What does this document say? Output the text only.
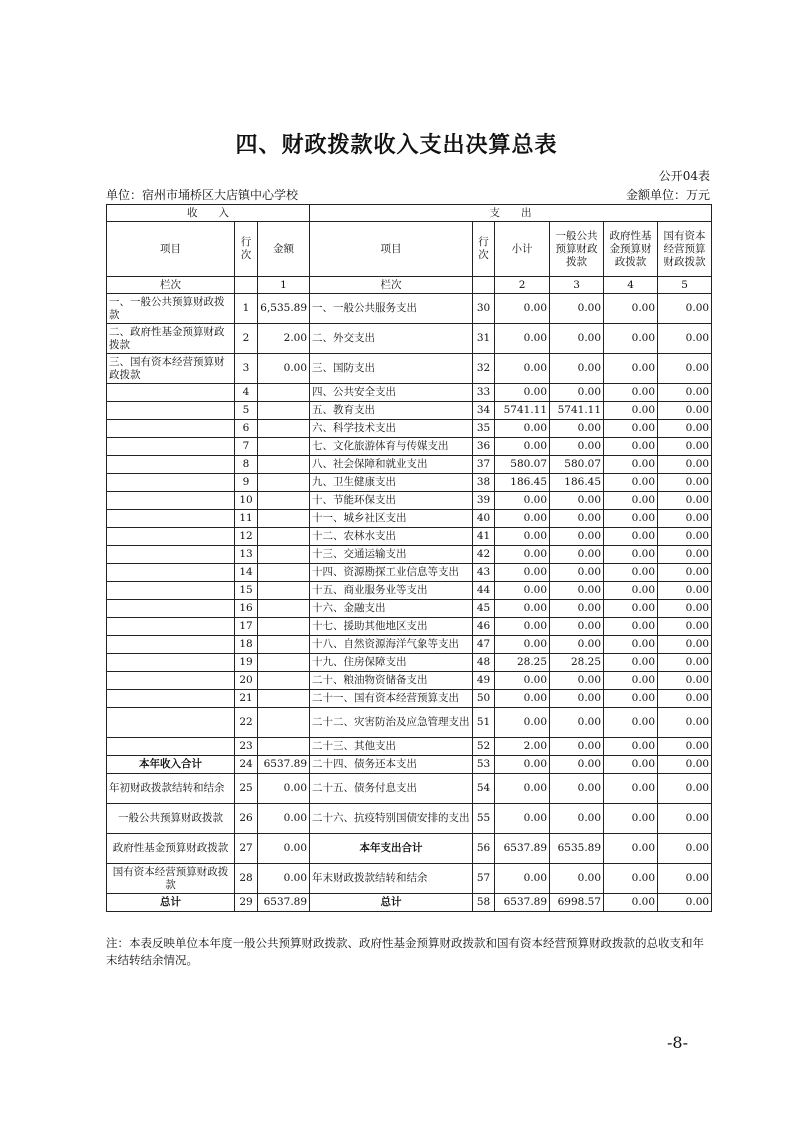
四、财政拨款收入支出决算总表
公开04表
单位：宿州市埇桥区大店镇中心学校	金额单位：万元
收　　入			支　　出					
项目	行次	金额	项目	行次	小计	一般公共预算财政拨款	政府性基金预算财政拨款	国有资本经营预算财政拨款
栏次		1	栏次		2	3	4	5
一、一般公共预算财政拨款	1	6,535.89	一、一般公共服务支出	30	0.00	0.00	0.00	0.00
二、政府性基金预算财政拨款	2	2.00	二、外交支出	31	0.00	0.00	0.00	0.00
三、国有资本经营预算财政拨款	3	0.00	三、国防支出	32	0.00	0.00	0.00	0.00
	4		四、公共安全支出	33	0.00	0.00	0.00	0.00
	5		五、教育支出	34	5741.11	5741.11	0.00	0.00
	6		六、科学技术支出	35	0.00	0.00	0.00	0.00
	7		七、文化旅游体育与传媒支出	36	0.00	0.00	0.00	0.00
	8		八、社会保障和就业支出	37	580.07	580.07	0.00	0.00
	9		九、卫生健康支出	38	186.45	186.45	0.00	0.00
	10		十、节能环保支出	39	0.00	0.00	0.00	0.00
	11		十一、城乡社区支出	40	0.00	0.00	0.00	0.00
	12		十二、农林水支出	41	0.00	0.00	0.00	0.00
	13		十三、交通运输支出	42	0.00	0.00	0.00	0.00
	14		十四、资源勘探工业信息等支出	43	0.00	0.00	0.00	0.00
	15		十五、商业服务业等支出	44	0.00	0.00	0.00	0.00
	16		十六、金融支出	45	0.00	0.00	0.00	0.00
	17		十七、援助其他地区支出	46	0.00	0.00	0.00	0.00
	18		十八、自然资源海洋气象等支出	47	0.00	0.00	0.00	0.00
	19		十九、住房保障支出	48	28.25	28.25	0.00	0.00
	20		二十、粮油物资储备支出	49	0.00	0.00	0.00	0.00
	21		二十一、国有资本经营预算支出	50	0.00	0.00	0.00	0.00
	22		二十二、灾害防治及应急管理支出	51	0.00	0.00	0.00	0.00
	23		二十三、其他支出	52	2.00	0.00	0.00	0.00
本年收入合计	24	6537.89	二十四、债务还本支出	53	0.00	0.00	0.00	0.00
年初财政拨款结转和结余	25	0.00	二十五、债务付息支出	54	0.00	0.00	0.00	0.00
一般公共预算财政拨款	26	0.00	二十六、抗疫特别国债安排的支出	55	0.00	0.00	0.00	0.00
政府性基金预算财政拨款	27	0.00	本年支出合计	56	6537.89	6535.89	0.00	0.00
国有资本经营预算财政拨款	28	0.00	年末财政拨款结转和结余	57	0.00	0.00	0.00	0.00
总计	29	6537.89	总计	58	6537.89	6998.57	0.00	0.00
注：本表反映单位本年度一般公共预算财政拨款、政府性基金预算财政拨款和国有资本经营预算财政拨款的总收支和年末结转结余情况。
-8-
